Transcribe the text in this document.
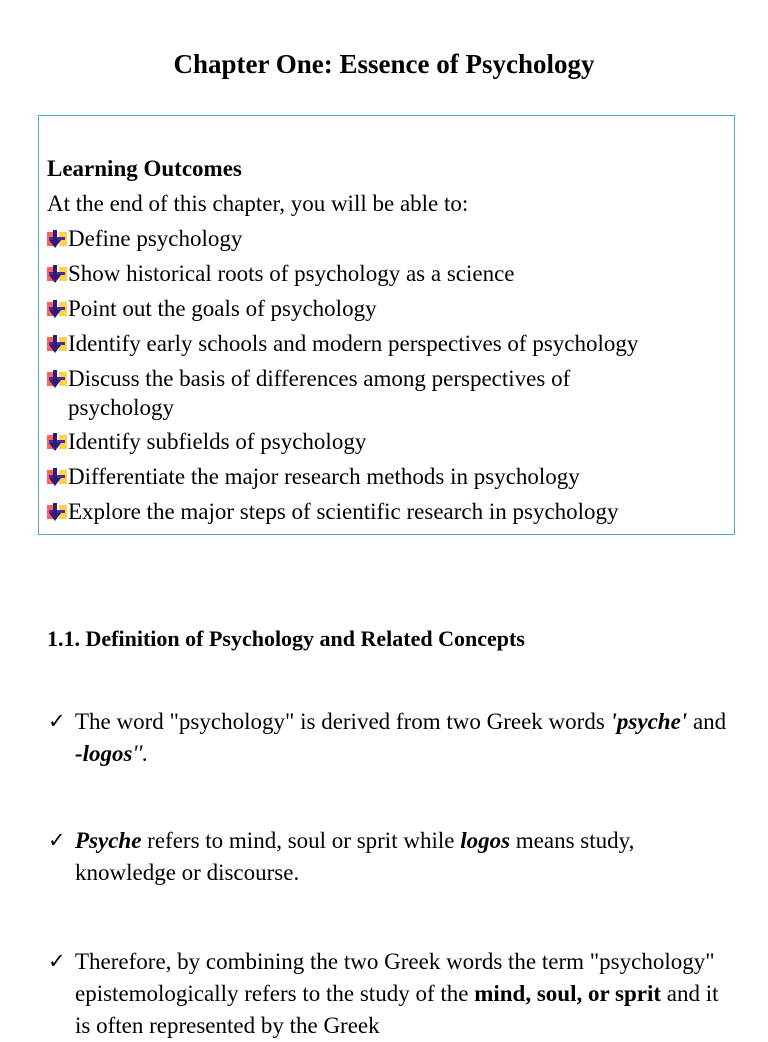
Chapter One: Essence of Psychology
Learning Outcomes
At the end of this chapter, you will be able to:
Define psychology
Show historical roots of psychology as a science
Point out the goals of psychology
Identify early schools and modern perspectives of psychology
Discuss the basis of differences among perspectives of psychology
Identify subfields of psychology
Differentiate the major research methods in psychology
Explore the major steps of scientific research in psychology
1.1. Definition of Psychology and Related Concepts
✓ The word "psychology" is derived from two Greek words 'psyche' and -logos''.
✓ Psyche refers to mind, soul or sprit while logos means study, knowledge or discourse.
✓ Therefore, by combining the two Greek words the term "psychology" epistemologically refers to the study of the mind, soul, or sprit and it is often represented by the Greek
